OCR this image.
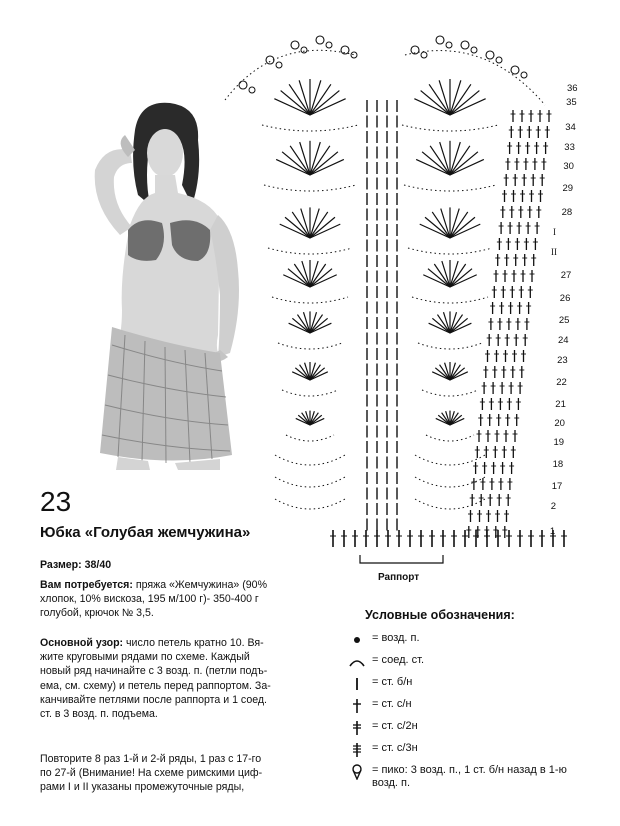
36
35
34
33
30
29
28
27
26
25
24
23
22
21
20
19
18
17
2
1
I
II
Раппорт
23
Юбка «Голубая жемчужина»
Размер: 38/40
Вам потребуется: пряжа «Жемчужина» (90%
хлопок, 10% вискоза, 195 м/100 г)- 350-400 г
голубой, крючок № 3,5.
Основной узор: число петель кратно 10. Вя-
жите круговыми рядами по схеме. Каждый
новый ряд начинайте с 3 возд. п. (петли подъ-
ема, см. схему) и петель перед раппортом. За-
канчивайте петлями после раппорта и 1 соед.
ст. в 3 возд. п. подъема.
Повторите 8 раз 1-й и 2-й ряды, 1 раз с 17-го
по 27-й (Внимание! На схеме римскими циф-
рами I и II указаны промежуточные ряды,
Условные обозначения:
= возд. п.
= соед. ст.
= ст. б/н
= ст. с/н
= ст. с/2н
= ст. с/3н
= пико: 3 возд. п., 1 ст. б/н назад в 1-ю возд. п.
